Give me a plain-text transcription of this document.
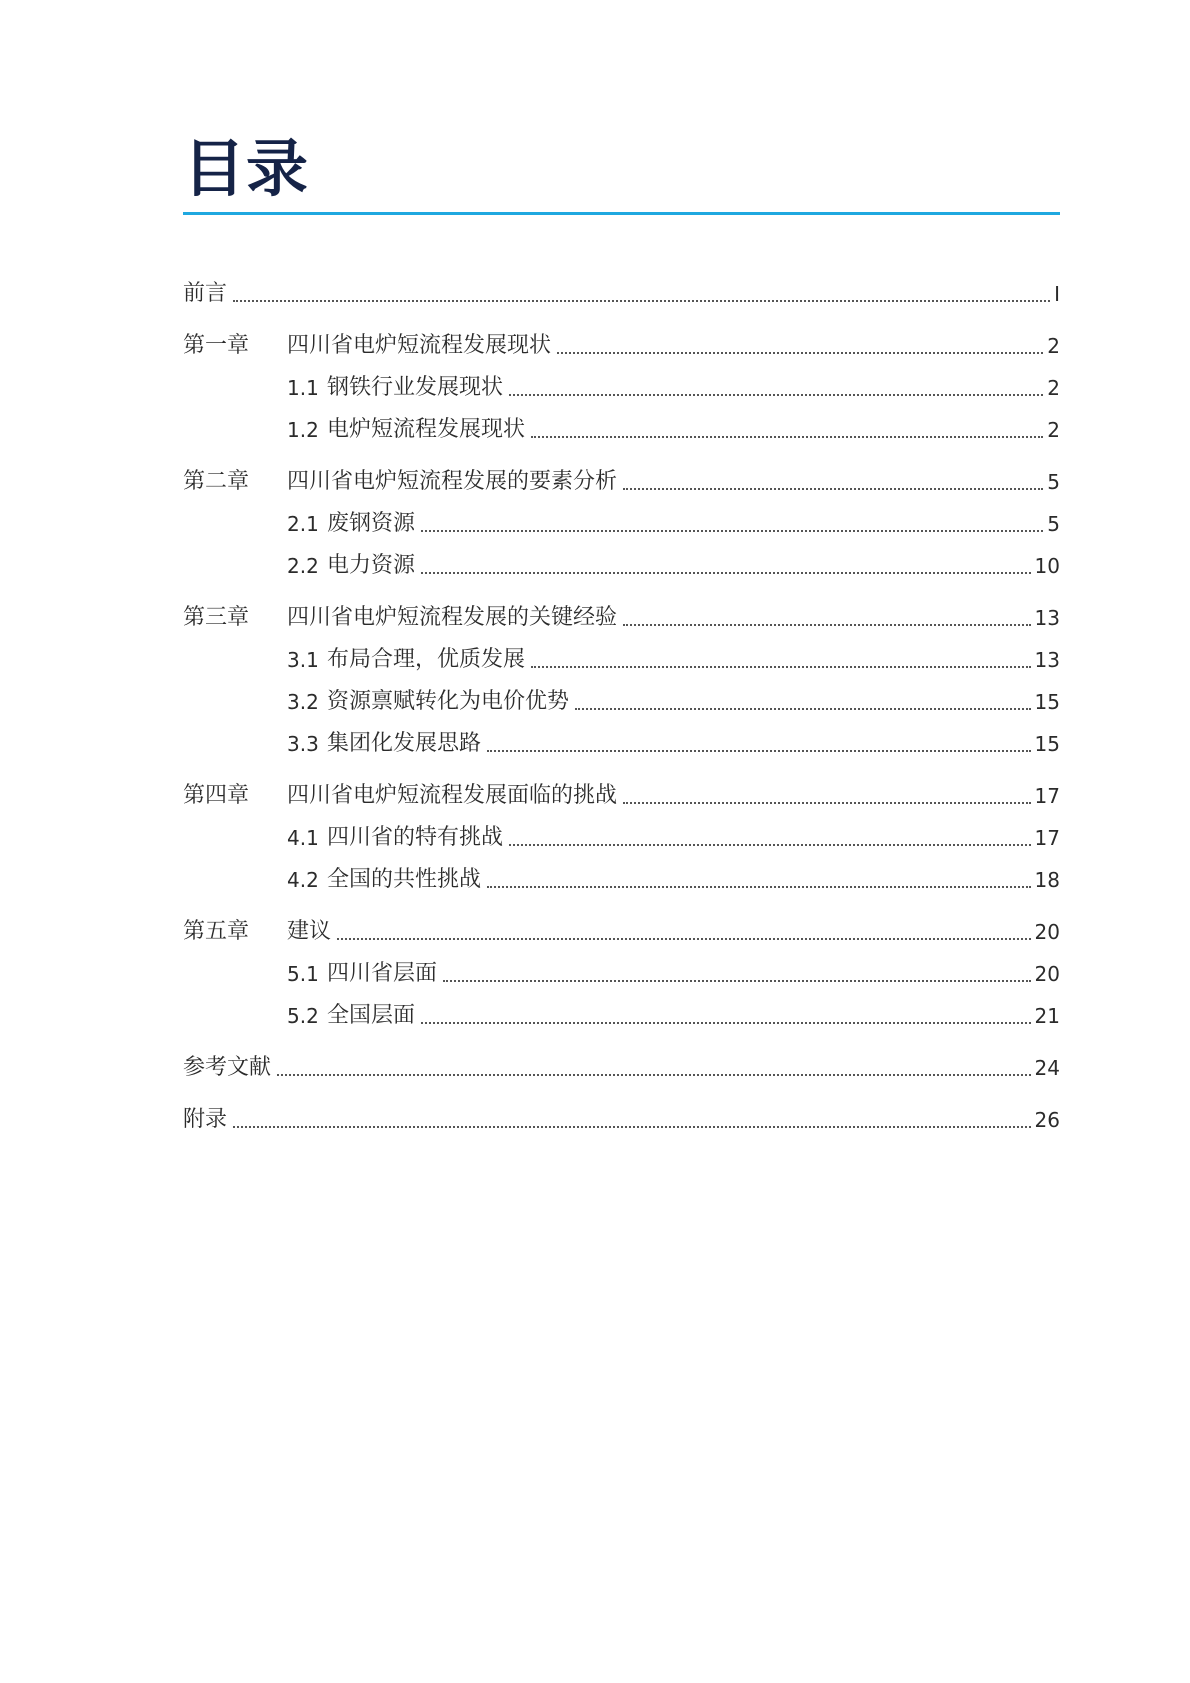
目录
前言	I
第一章	四川省电炉短流程发展现状	2
1.1 钢铁行业发展现状	2
1.2 电炉短流程发展现状	2
第二章	四川省电炉短流程发展的要素分析	5
2.1 废钢资源	5
2.2 电力资源	10
第三章	四川省电炉短流程发展的关键经验	13
3.1 布局合理，优质发展	13
3.2 资源禀赋转化为电价优势	15
3.3 集团化发展思路	15
第四章	四川省电炉短流程发展面临的挑战	17
4.1 四川省的特有挑战	17
4.2 全国的共性挑战	18
第五章	建议	20
5.1 四川省层面	20
5.2 全国层面	21
参考文献	24
附录	26
